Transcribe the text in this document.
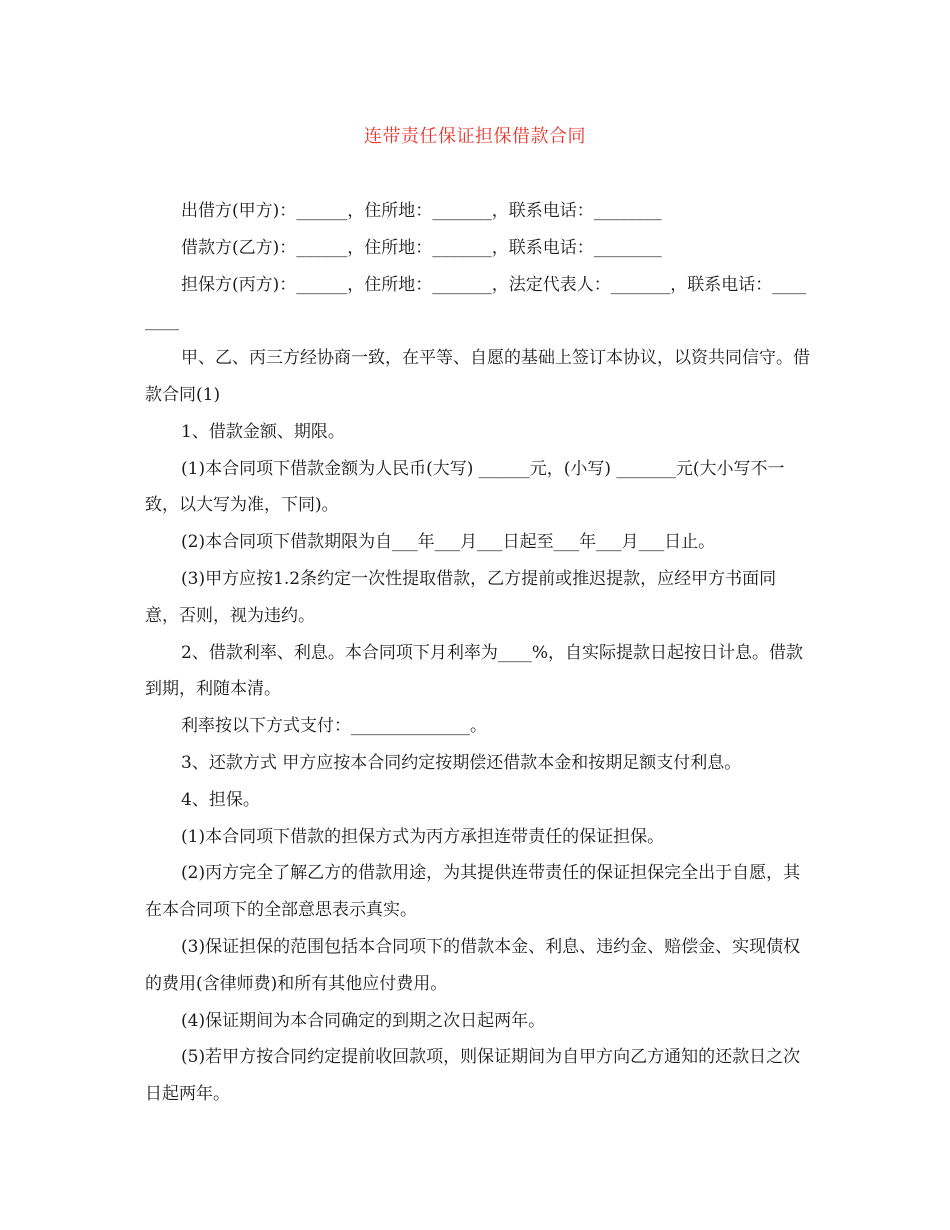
连带责任保证担保借款合同

出借方(甲方)：______，住所地：_______，联系电话：________

借款方(乙方)：______，住所地：_______，联系电话：________

担保方(丙方)：______，住所地：_______，法定代表人：_______，联系电话：________

甲、乙、丙三方经协商一致，在平等、自愿的基础上签订本协议，以资共同信守。借款合同(1)

1、借款金额、期限。

(1)本合同项下借款金额为人民币(大写) ______元，(小写) _______元(大小写不一致，以大写为准，下同)。

(2)本合同项下借款期限为自___年___月___日起至___年___月___日止。

(3)甲方应按1.2条约定一次性提取借款，乙方提前或推迟提款，应经甲方书面同意，否则，视为违约。

2、借款利率、利息。本合同项下月利率为____%，自实际提款日起按日计息。借款到期，利随本清。

利率按以下方式支付：______________。

3、还款方式 甲方应按本合同约定按期偿还借款本金和按期足额支付利息。

4、担保。

(1)本合同项下借款的担保方式为丙方承担连带责任的保证担保。

(2)丙方完全了解乙方的借款用途，为其提供连带责任的保证担保完全出于自愿，其在本合同项下的全部意思表示真实。

(3)保证担保的范围包括本合同项下的借款本金、利息、违约金、赔偿金、实现债权的费用(含律师费)和所有其他应付费用。

(4)保证期间为本合同确定的到期之次日起两年。

(5)若甲方按合同约定提前收回款项，则保证期间为自甲方向乙方通知的还款日之次日起两年。
